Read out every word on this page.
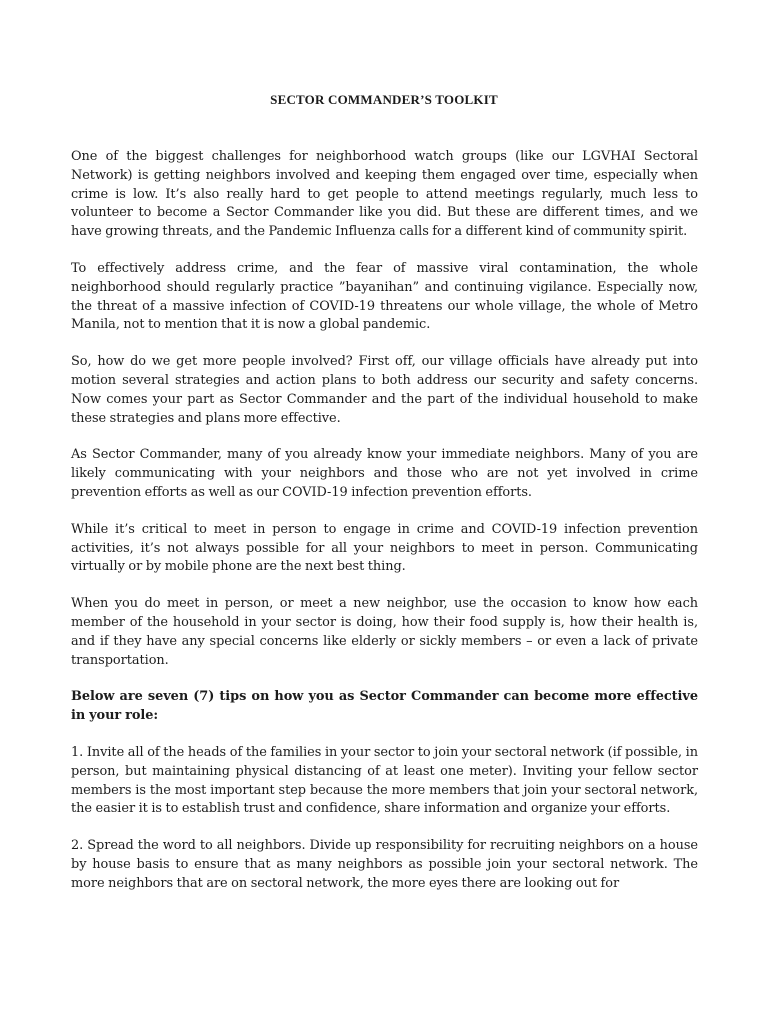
SECTOR COMMANDER’S TOOLKIT

One of the biggest challenges for neighborhood watch groups (like our LGVHAI Sectoral Network) is getting neighbors involved and keeping them engaged over time, especially when crime is low. It’s also really hard to get people to attend meetings regularly, much less to volunteer to become a Sector Commander like you did. But these are different times, and we have growing threats, and the Pandemic Influenza calls for a different kind of community spirit.

To effectively address crime, and the fear of massive viral contamination, the whole neighborhood should regularly practice ”bayanihan” and continuing vigilance. Especially now, the threat of a massive infection of COVID-19 threatens our whole village, the whole of Metro Manila, not to mention that it is now a global pandemic.

So, how do we get more people involved? First off, our village officials have already put into motion several strategies and action plans to both address our security and safety concerns. Now comes your part as Sector Commander and the part of the individual household to make these strategies and plans more effective.

As Sector Commander, many of you already know your immediate neighbors. Many of you are likely communicating with your neighbors and those who are not yet involved in crime prevention efforts as well as our COVID-19 infection prevention efforts.

While it’s critical to meet in person to engage in crime and COVID-19 infection prevention activities, it’s not always possible for all your neighbors to meet in person. Communicating virtually or by mobile phone are the next best thing.

When you do meet in person, or meet a new neighbor, use the occasion to know how each member of the household in your sector is doing, how their food supply is, how their health is, and if they have any special concerns like elderly or sickly members – or even a lack of private transportation.

Below are seven (7) tips on how you as Sector Commander can become more effective in your role:

1. Invite all of the heads of the families in your sector to join your sectoral network (if possible, in person, but maintaining physical distancing of at least one meter). Inviting your fellow sector members is the most important step because the more members that join your sectoral network, the easier it is to establish trust and confidence, share information and organize your efforts.

2. Spread the word to all neighbors. Divide up responsibility for recruiting neighbors on a house by house basis to ensure that as many neighbors as possible join your sectoral network. The more neighbors that are on sectoral network, the more eyes there are looking out for
